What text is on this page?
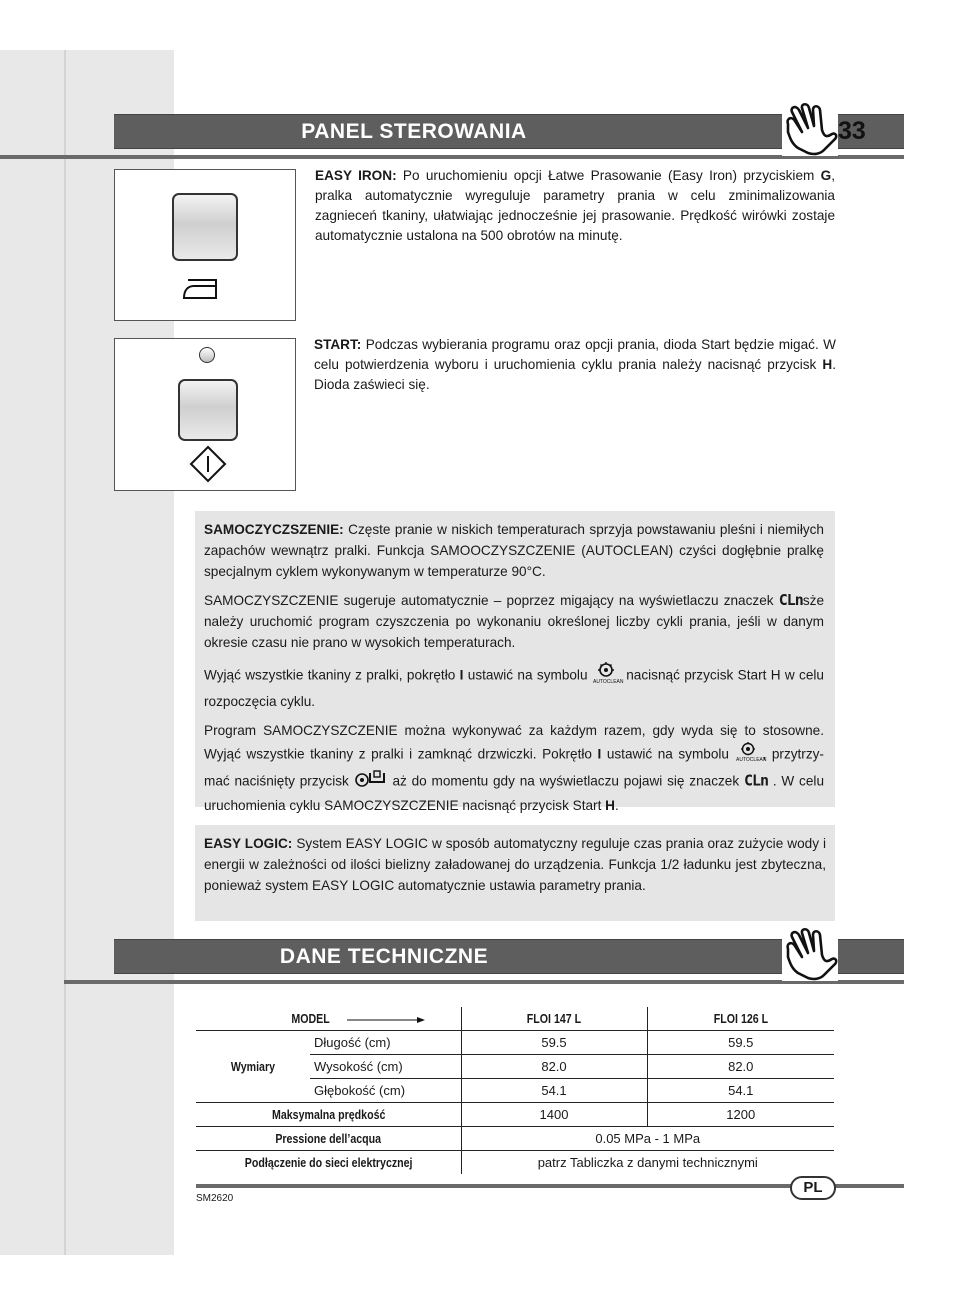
PANEL STEROWANIA	33
EASY IRON: Po uruchomieniu opcji Łatwe Prasowanie (Easy Iron) przyciskiem G, pralka automatycznie wyreguluje parametry prania w celu zminimalizowania zagnieceń tkaniny, ułatwiając jednocześnie jej prasowanie. Prędkość wirówki zostaje automatycznie ustalona na 500 obrotów na minutę.
START: Podczas wybierania programu oraz opcji prania, dioda Start będzie migać. W celu potwierdzenia wyboru i uruchomienia cyklu prania należy nacisnąć przycisk H. Dioda zaświeci się.

SAMOCZYCZSZENIE: Częste pranie w niskich temperaturach sprzyja powstawaniu pleśni i niemiłych zapachów wewnątrz pralki. Funkcja SAMOOCZYSZCZENIE (AUTOCLEAN) czyści dogłębnie pralkę specjalnym cyklem wykonywanym w temperaturze 90°C.

SAMOCZYSZCZENIE sugeruje automatycznie – poprzez migający na wyświetlaczu znaczek CLnsże należy uruchomić program czyszczenia po wykonaniu określonej liczby cykli prania, jeśli w danym okresie czasu nie prano w wysokich temperaturach.

Wyjąć wszystkie tkaniny z pralki, pokrętło I ustawić na symbolu AUTOCLEAN
nacisnąć przycisk Start H w celu rozpoczęcia cyklu.

Program SAMOCZYSZCZENIE można wykonywać za każdym razem, gdy wyda się to stosowne. Wyjąć wszystkie tkaniny z pralki i zamknąć drzwiczki. Pokrętło I ustawić na symbolu AUTOCLEAN
, przytrzy-mać naciśnięty przycisk	aż do momentu gdy na wyświetlaczu pojawi się znaczek CLn . W celu uruchomienia cyklu SAMOCZYSZCZENIE nacisnąć przycisk Start H.

EASY LOGIC: System EASY LOGIC w sposób automatyczny reguluje czas prania oraz zużycie wody i energii w zależności od ilości bielizny załadowanej do urządzenia. Funkcja 1/2 ładunku jest zbyteczna, ponieważ system EASY LOGIC automatycznie ustawia parametry prania.
DANE TECHNICZNE
MODEL		FLOI 147 L	FLOI 126 L
Wymiary	Długość (cm)	59.5	59.5
	Wysokość (cm)	82.0	82.0
	Głębokość (cm)	54.1	54.1
Maksymalna prędkość		1400	1200
Pressione dell’acqua		0.05 MPa - 1 MPa	
Podłączenie do sieci elektrycznej		patrz Tabliczka z danymi technicznymi	
PL
SM2620
